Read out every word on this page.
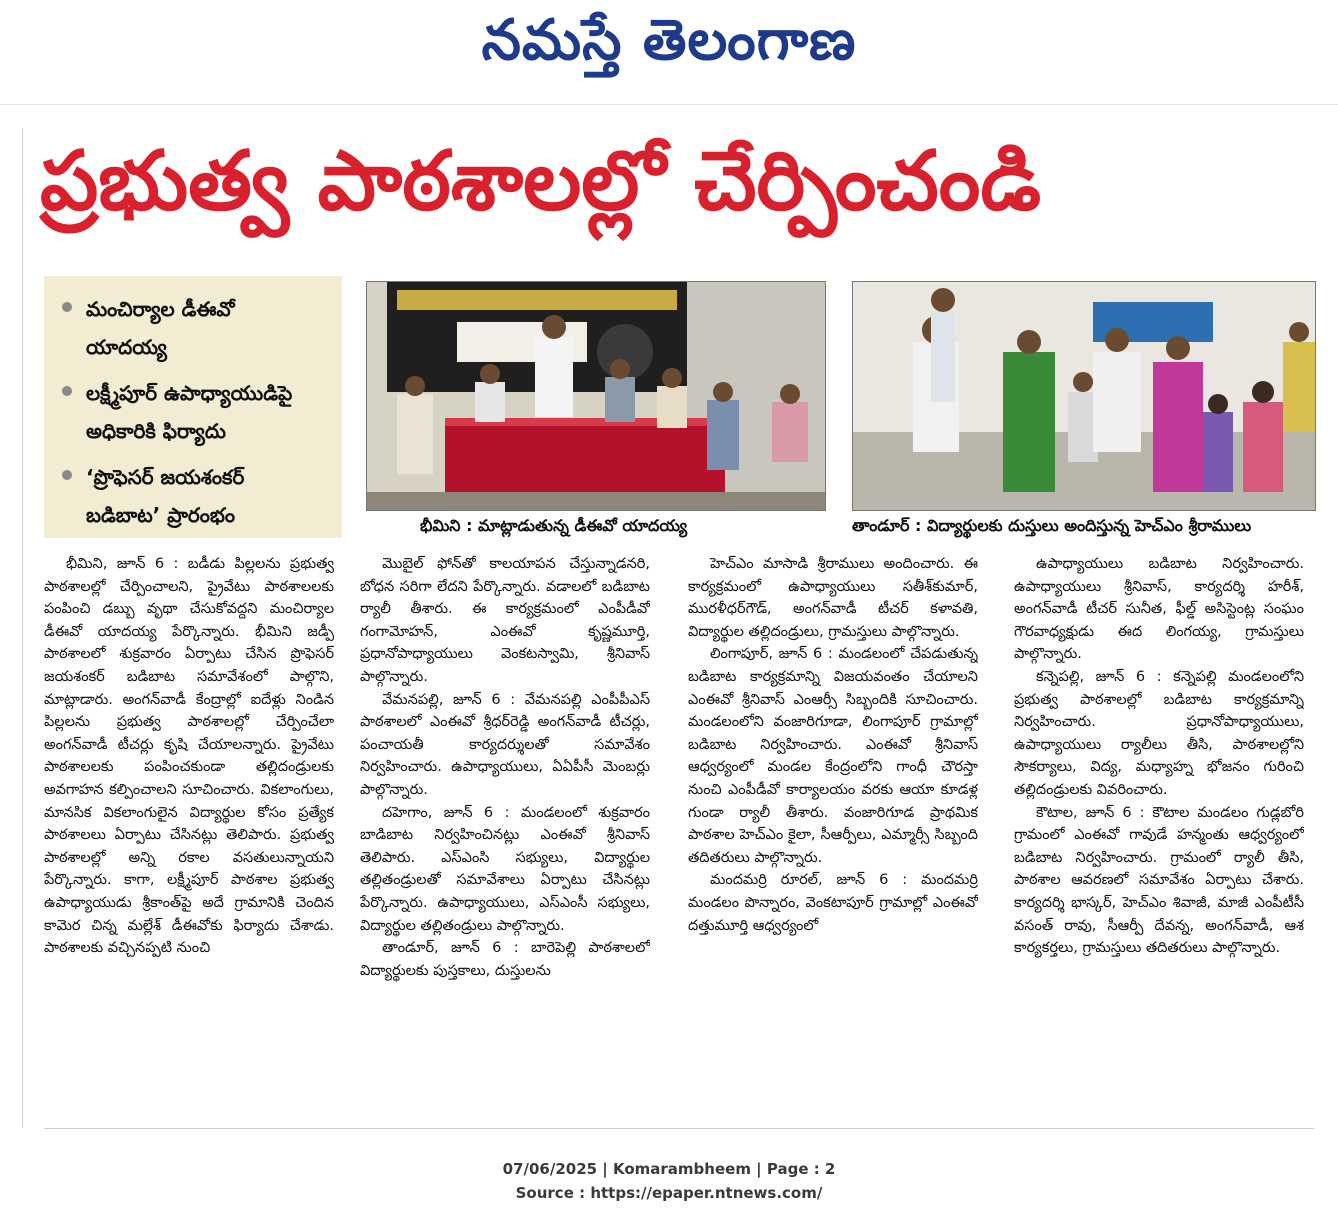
నమస్తే తెలంగాణ
ప్రభుత్వ పాఠశాలల్లో చేర్పించండి
మంచిర్యాల డీఈవో
యాదయ్య
లక్ష్మీపూర్ ఉపాధ్యాయుడిపై
అధికారికి ఫిర్యాదు
‘ప్రొఫెసర్ జయశంకర్
బడిబాట’ ప్రారంభం	భీమిని : మాట్లాడుతున్న డీఈవో యాదయ్య	తాండూర్ : విద్యార్థులకు దుస్తులు అందిస్తున్న హెచ్‌ఎం శ్రీరాములు

భీమిని, జూన్ 6 : బడీడు పిల్లలను ప్రభుత్వ పాఠశాలల్లో చేర్పించాలని, ప్రైవేటు పాఠశాలలకు పంపించి డబ్బు వృథా చేసుకోవద్దని మంచిర్యాల డీఈవో యాదయ్య పేర్కొన్నారు. భీమిని జడ్పీ పాఠశాలలో శుక్రవారం ఏర్పాటు చేసిన ప్రొఫెసర్ జయశంకర్ బడిబాట సమావేశంలో పాల్గొని, మాట్లాడారు. అంగన్‌వాడీ కేంద్రాల్లో ఐదేళ్లు నిండిన పిల్లలను ప్రభుత్వ పాఠశాలల్లో చేర్పించేలా అంగన్‌వాడీ టీచర్లు కృషి చేయాలన్నారు. ప్రైవేటు పాఠశాలలకు పంపించకుండా తల్లిదండ్రులకు అవగాహన కల్పించాలని సూచించారు. వికలాంగులు, మానసిక వికలాంగులైన విద్యార్థుల కోసం ప్రత్యేక పాఠశాలలు ఏర్పాటు చేసినట్లు తెలిపారు. ప్రభుత్వ పాఠశాలల్లో అన్ని రకాల వసతులున్నాయని పేర్కొన్నారు. కాగా, లక్ష్మీపూర్ పాఠశాల ప్రభుత్వ ఉపాధ్యాయుడు శ్రీకాంత్‌పై అదే గ్రామానికి చెందిన కామెర చిన్న మల్లేశ్ డీఈవోకు ఫిర్యాదు చేశాడు. పాఠశాలకు వచ్చినప్పటి నుంచి

మొబైల్ ఫోన్‌తో కాలయాపన చేస్తున్నాడనరి, బోధన సరిగా లేదని పేర్కొన్నారు. వడాలలో బడిబాట ర్యాలీ తీశారు. ఈ కార్యక్రమంలో ఎంపీడీవో గంగామోహన్, ఎంఈవో కృష్ణమూర్తి, ప్రధానోపాధ్యాయులు వెంకటస్వామి, శ్రీనివాస్ పాల్గొన్నారు.

వేమనపల్లి, జూన్ 6 : వేమనపల్లి ఎంపీపీఎస్ పాఠశాలలో ఎంఈవో శ్రీధర్‌రెడ్డి అంగన్‌వాడీ టీచర్లు, పంచాయతీ కార్యదర్శులతో సమావేశం నిర్వహించారు. ఉపాధ్యాయులు, ఏఏపీసీ మెంబర్లు పాల్గొన్నారు.

దహెగాం, జూన్ 6 : మండలంలో శుక్రవారం బాడిబాట నిర్వహించినట్లు ఎంఈవో శ్రీనివాస్ తెలిపారు. ఎస్ఎంసి సభ్యులు, విద్యార్థుల తల్లితండ్రులతో సమావేశాలు ఏర్పాటు చేసినట్లు పేర్కొన్నారు. ఉపాధ్యాయులు, ఎస్ఎంసీ సభ్యులు, విద్యార్థుల తల్లితండ్రులు పాల్గొన్నారు.

తాండూర్, జూన్ 6 : బారెపెల్లి పాఠశాలలో విద్యార్థులకు పుస్తకాలు, దుస్తులను

హెచ్‌ఎం మాసాడి శ్రీరాములు అందించారు. ఈ కార్యక్రమంలో ఉపాధ్యాయులు సతీశ్‌కుమార్, మురళీధర్‌గౌడ్, అంగన్‌వాడీ టీచర్ కళావతి, విద్యార్థుల తల్లిదండ్రులు, గ్రామస్తులు పాల్గొన్నారు.

లింగాపూర్, జూన్ 6 : మండలంలో చేపడుతున్న బడిబాట కార్యక్రమాన్ని విజయవంతం చేయాలని ఎంఈవో శ్రీనివాస్ ఎంఆర్సీ సిబ్బందికి సూచించారు. మండలంలోని వంజారిగూడా, లింగాపూర్ గ్రామాల్లో బడిబాట నిర్వహించారు. ఎంఈవో శ్రీనివాస్ ఆధ్వర్యంలో మండల కేంద్రంలోని గాంధీ చౌరస్తా నుంచి ఎంపీడీవో కార్యాలయం వరకు ఆయా కూడళ్ల గుండా ర్యాలీ తీశారు. వంజారిగూడ ప్రాథమిక పాఠశాల హెచ్‌ఎం కైలా, సీఆర్పీలు, ఎమ్మార్సీ సిబ్బంది తదితరులు పాల్గొన్నారు.

మందమర్రి రూరల్, జూన్ 6 : మందమర్రి మండలం పొన్నారం, వెంకటాపూర్ గ్రామాల్లో ఎంఈవో దత్తుమూర్తి ఆధ్వర్యంలో

ఉపాధ్యాయులు బడిబాట నిర్వహించారు. ఉపాధ్యాయులు శ్రీనివాస్, కార్యదర్శి హరీశ్, అంగన్‌వాడీ టీచర్ సునీత, ఫీల్డ్ అసిస్టెంట్ల సంఘం గౌరవాధ్యక్షుడు ఈద లింగయ్య, గ్రామస్తులు పాల్గొన్నారు.

కన్నెపల్లి, జూన్ 6 : కన్నెపల్లి మండలంలోని ప్రభుత్వ పాఠశాలల్లో బడిబాట కార్యక్రమాన్ని నిర్వహించారు. ప్రధానోపాధ్యాయులు, ఉపాధ్యాయులు ర్యాలీలు తీసి, పాఠశాలల్లోని సౌకర్యాలు, విద్య, మధ్యాహ్న భోజనం గురించి తల్లిదండ్రులకు వివరించారు.

కౌటాల, జూన్ 6 : కౌటాల మండలం గుడ్లబోరి గ్రామంలో ఎంఈవో గావుడే హన్మంతు ఆధ్వర్యంలో బడిబాట నిర్వహించారు. గ్రామంలో ర్యాలీ తీసి, పాఠశాల ఆవరణలో సమావేశం ఏర్పాటు చేశారు. కార్యదర్శి భాస్కర్, హెచ్‌ఎం శివాజీ, మాజీ ఎంపీటీసీ వసంత్ రావు, సీఆర్పీ దేవన్న, అంగన్‌వాడీ, ఆశ కార్యకర్తలు, గ్రామస్తులు తదితరులు పాల్గొన్నారు.

07/06/2025 | Komarambheem | Page : 2
Source : https://epaper.ntnews.com/
